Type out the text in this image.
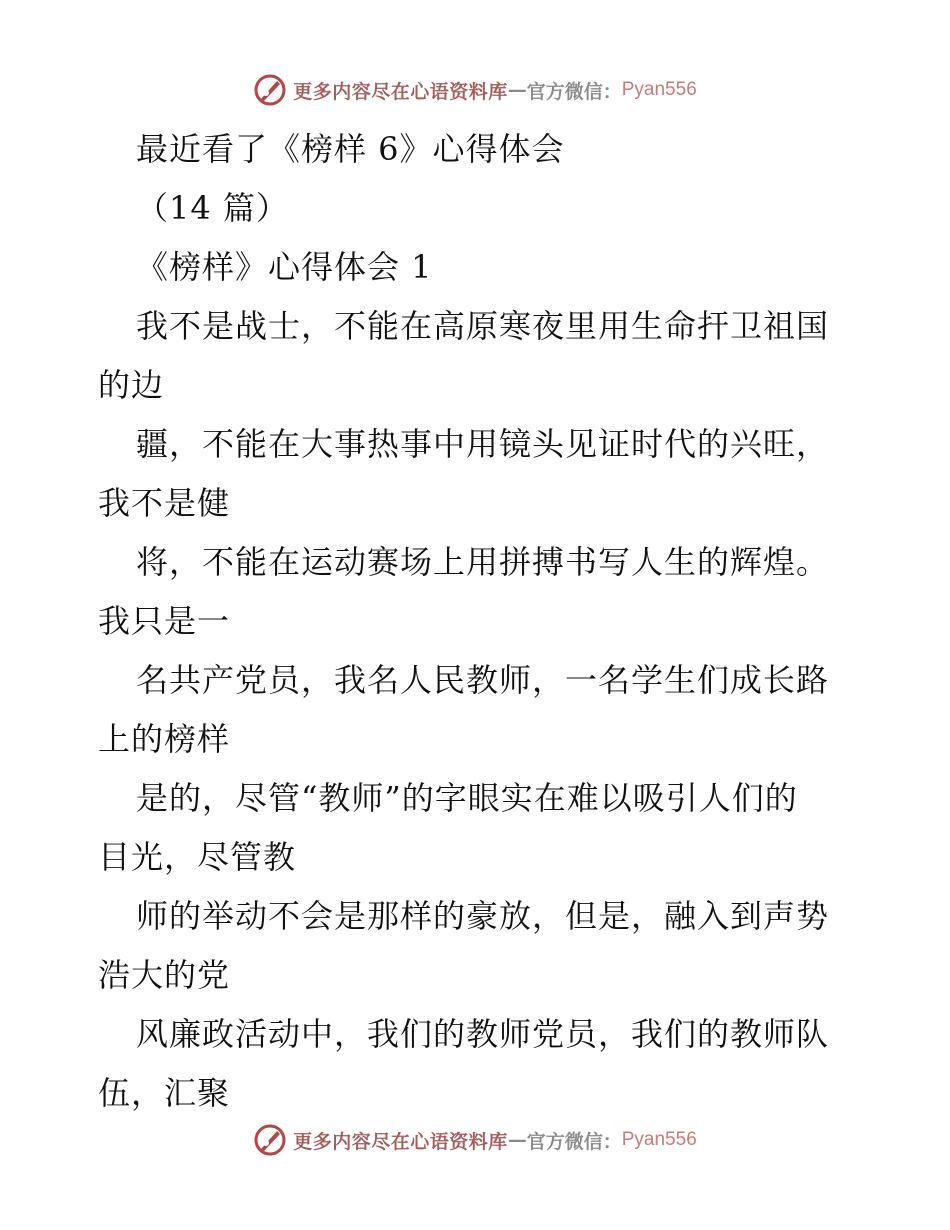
更多内容尽在心语资料库 — 官方微信： Pyan556
最近看了《榜样 6》心得体会
（14 篇）
《榜样》心得体会 1
我不是战士，不能在高原寒夜里用生命扞卫祖国
的边
疆，不能在大事热事中用镜头见证时代的兴旺，
我不是健
将，不能在运动赛场上用拼搏书写人生的辉煌。
我只是一
名共产党员，我名人民教师，一名学生们成长路
上的榜样
是的，尽管“教师”的字眼实在难以吸引人们的
目光，尽管教
师的举动不会是那样的豪放，但是，融入到声势
浩大的党
风廉政活动中，我们的教师党员，我们的教师队
伍，汇聚
更多内容尽在心语资料库 — 官方微信： Pyan556
